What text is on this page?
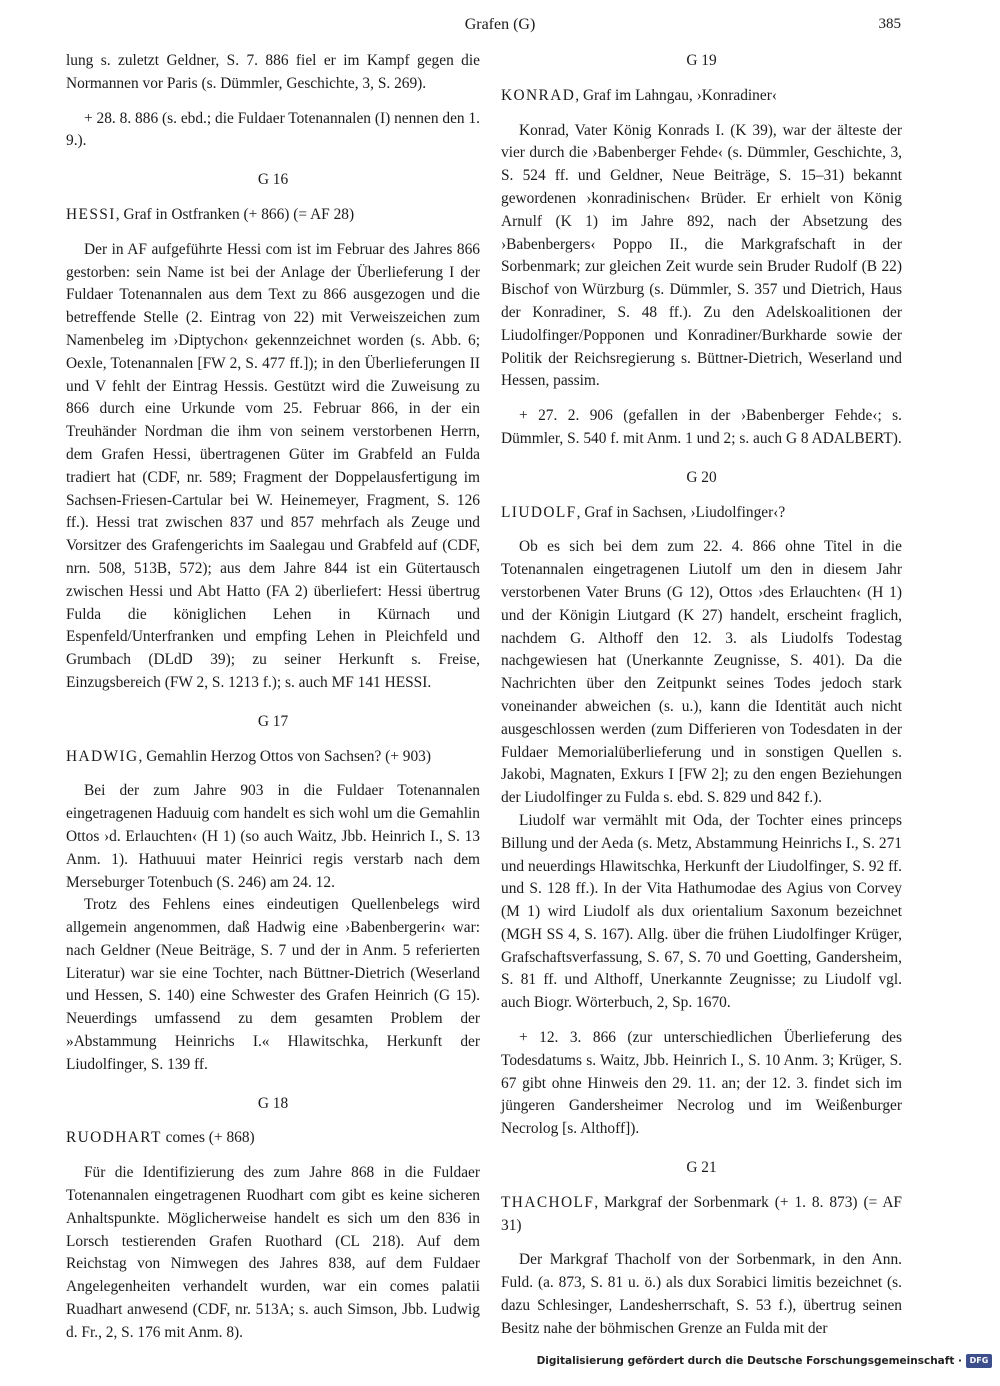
Grafen (G)	385

lung s. zuletzt Geldner, S. 7. 886 fiel er im Kampf gegen die Normannen vor Paris (s. Dümmler, Geschichte, 3, S. 269).

+ 28. 8. 886 (s. ebd.; die Fuldaer Totenannalen (I) nennen den 1. 9.).

G 16

HESSI, Graf in Ostfranken (+ 866) (= AF 28)

Der in AF aufgeführte Hessi com ist im Februar des Jahres 866 gestorben: sein Name ist bei der Anlage der Überlieferung I der Fuldaer Totenannalen aus dem Text zu 866 ausgezogen und die betreffende Stelle (2. Eintrag von 22) mit Verweiszeichen zum Namenbeleg im ›Diptychon‹ gekennzeichnet worden (s. Abb. 6; Oexle, Totenannalen [FW 2, S. 477 ff.]); in den Überlieferungen II und V fehlt der Eintrag Hessis. Gestützt wird die Zuweisung zu 866 durch eine Urkunde vom 25. Februar 866, in der ein Treuhänder Nordman die ihm von seinem verstorbenen Herrn, dem Grafen Hessi, übertragenen Güter im Grabfeld an Fulda tradiert hat (CDF, nr. 589; Fragment der Doppelausfertigung im Sachsen-Friesen-Cartular bei W. Heinemeyer, Fragment, S. 126 ff.). Hessi trat zwischen 837 und 857 mehrfach als Zeuge und Vorsitzer des Grafengerichts im Saalegau und Grabfeld auf (CDF, nrn. 508, 513B, 572); aus dem Jahre 844 ist ein Gütertausch zwischen Hessi und Abt Hatto (FA 2) überliefert: Hessi übertrug Fulda die königlichen Lehen in Kürnach und Espenfeld/Unterfranken und empfing Lehen in Pleichfeld und Grumbach (DLdD 39); zu seiner Herkunft s. Freise, Einzugsbereich (FW 2, S. 1213 f.); s. auch MF 141 HESSI.

G 17

HADWIG, Gemahlin Herzog Ottos von Sachsen? (+ 903)

Bei der zum Jahre 903 in die Fuldaer Totenannalen eingetragenen Haduuig com handelt es sich wohl um die Gemahlin Ottos ›d. Erlauchten‹ (H 1) (so auch Waitz, Jbb. Heinrich I., S. 13 Anm. 1). Hathuuui mater Heinrici regis verstarb nach dem Merseburger Totenbuch (S. 246) am 24. 12.

Trotz des Fehlens eines eindeutigen Quellenbelegs wird allgemein angenommen, daß Hadwig eine ›Babenbergerin‹ war: nach Geldner (Neue Beiträge, S. 7 und der in Anm. 5 referierten Literatur) war sie eine Tochter, nach Büttner-Dietrich (Weserland und Hessen, S. 140) eine Schwester des Grafen Heinrich (G 15). Neuerdings umfassend zu dem gesamten Problem der »Abstammung Heinrichs I.« Hlawitschka, Herkunft der Liudolfinger, S. 139 ff.

G 18

RUODHART comes (+ 868)

Für die Identifizierung des zum Jahre 868 in die Fuldaer Totenannalen eingetragenen Ruodhart com gibt es keine sicheren Anhaltspunkte. Möglicherweise handelt es sich um den 836 in Lorsch testierenden Grafen Ruothard (CL 218). Auf dem Reichstag von Nimwegen des Jahres 838, auf dem Fuldaer Angelegenheiten verhandelt wurden, war ein comes palatii Ruadhart anwesend (CDF, nr. 513A; s. auch Simson, Jbb. Ludwig d. Fr., 2, S. 176 mit Anm. 8).

G 19

KONRAD, Graf im Lahngau, ›Konradiner‹

Konrad, Vater König Konrads I. (K 39), war der älteste der vier durch die ›Babenberger Fehde‹ (s. Dümmler, Geschichte, 3, S. 524 ff. und Geldner, Neue Beiträge, S. 15–31) bekannt gewordenen ›konradinischen‹ Brüder. Er erhielt von König Arnulf (K 1) im Jahre 892, nach der Absetzung des ›Babenbergers‹ Poppo II., die Markgrafschaft in der Sorbenmark; zur gleichen Zeit wurde sein Bruder Rudolf (B 22) Bischof von Würzburg (s. Dümmler, S. 357 und Dietrich, Haus der Konradiner, S. 48 ff.). Zu den Adelskoalitionen der Liudolfinger/Popponen und Konradiner/Burkharde sowie der Politik der Reichsregierung s. Büttner-Dietrich, Weserland und Hessen, passim.

+ 27. 2. 906 (gefallen in der ›Babenberger Fehde‹; s. Dümmler, S. 540 f. mit Anm. 1 und 2; s. auch G 8 ADALBERT).

G 20

LIUDOLF, Graf in Sachsen, ›Liudolfinger‹?

Ob es sich bei dem zum 22. 4. 866 ohne Titel in die Totenannalen eingetragenen Liutolf um den in diesem Jahr verstorbenen Vater Bruns (G 12), Ottos ›des Erlauchten‹ (H 1) und der Königin Liutgard (K 27) handelt, erscheint fraglich, nachdem G. Althoff den 12. 3. als Liudolfs Todestag nachgewiesen hat (Unerkannte Zeugnisse, S. 401). Da die Nachrichten über den Zeitpunkt seines Todes jedoch stark voneinander abweichen (s. u.), kann die Identität auch nicht ausgeschlossen werden (zum Differieren von Todesdaten in der Fuldaer Memorialüberlieferung und in sonstigen Quellen s. Jakobi, Magnaten, Exkurs I [FW 2]; zu den engen Beziehungen der Liudolfinger zu Fulda s. ebd. S. 829 und 842 f.).

Liudolf war vermählt mit Oda, der Tochter eines princeps Billung und der Aeda (s. Metz, Abstammung Heinrichs I., S. 271 und neuerdings Hlawitschka, Herkunft der Liudolfinger, S. 92 ff. und S. 128 ff.). In der Vita Hathumodae des Agius von Corvey (M 1) wird Liudolf als dux orientalium Saxonum bezeichnet (MGH SS 4, S. 167). Allg. über die frühen Liudolfinger Krüger, Grafschaftsverfassung, S. 67, S. 70 und Goetting, Gandersheim, S. 81 ff. und Althoff, Unerkannte Zeugnisse; zu Liudolf vgl. auch Biogr. Wörterbuch, 2, Sp. 1670.

+ 12. 3. 866 (zur unterschiedlichen Überlieferung des Todesdatums s. Waitz, Jbb. Heinrich I., S. 10 Anm. 3; Krüger, S. 67 gibt ohne Hinweis den 29. 11. an; der 12. 3. findet sich im jüngeren Gandersheimer Necrolog und im Weißenburger Necrolog [s. Althoff]).

G 21

THACHOLF, Markgraf der Sorbenmark (+ 1. 8. 873) (= AF 31)

Der Markgraf Thacholf von der Sorbenmark, in den Ann. Fuld. (a. 873, S. 81 u. ö.) als dux Sorabici limitis bezeichnet (s. dazu Schlesinger, Landesherrschaft, S. 53 f.), übertrug seinen Besitz nahe der böhmischen Grenze an Fulda mit der

Digitalisierung gefördert durch die Deutsche Forschungsgemeinschaft · DFG
